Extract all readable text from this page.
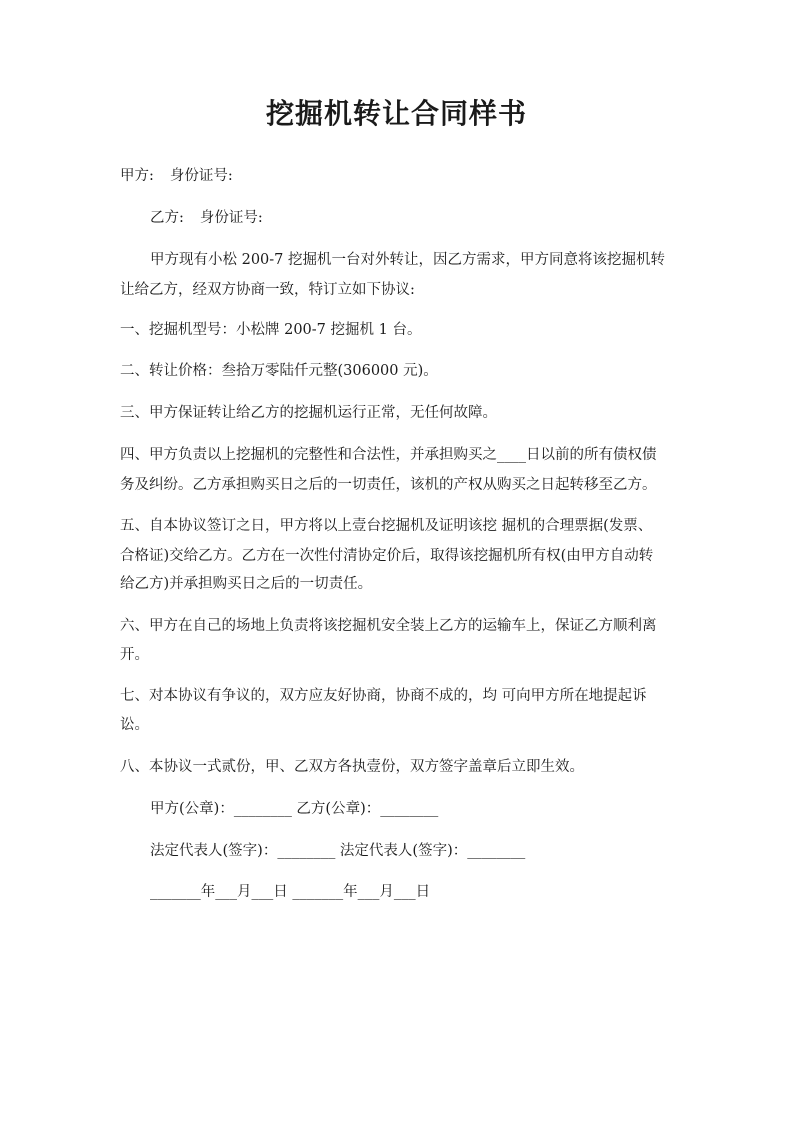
挖掘机转让合同样书
甲方: 身份证号:
乙方: 身份证号:
甲方现有小松 200-7 挖掘机一台对外转让，因乙方需求，甲方同意将该挖掘机转
让给乙方，经双方协商一致，特订立如下协议:
一、挖掘机型号：小松牌 200-7 挖掘机 1 台。
二、转让价格：叁拾万零陆仟元整(306000 元)。
三、甲方保证转让给乙方的挖掘机运行正常，无任何故障。
四、甲方负责以上挖掘机的完整性和合法性，并承担购买之____日以前的所有债权债
务及纠纷。乙方承担购买日之后的一切责任，该机的产权从购买之日起转移至乙方。
五、自本协议签订之日，甲方将以上壹台挖掘机及证明该挖 掘机的合理票据(发票、
合格证)交给乙方。乙方在一次性付清协定价后，取得该挖掘机所有权(由甲方自动转
给乙方)并承担购买日之后的一切责任。
六、甲方在自己的场地上负责将该挖掘机安全装上乙方的运输车上，保证乙方顺利离
开。
七、对本协议有争议的，双方应友好协商，协商不成的，均 可向甲方所在地提起诉
讼。
八、本协议一式贰份，甲、乙双方各执壹份，双方签字盖章后立即生效。
甲方(公章)：________ 乙方(公章)：________
法定代表人(签字)：________ 法定代表人(签字)：________
_______年___月___日 _______年___月___日
